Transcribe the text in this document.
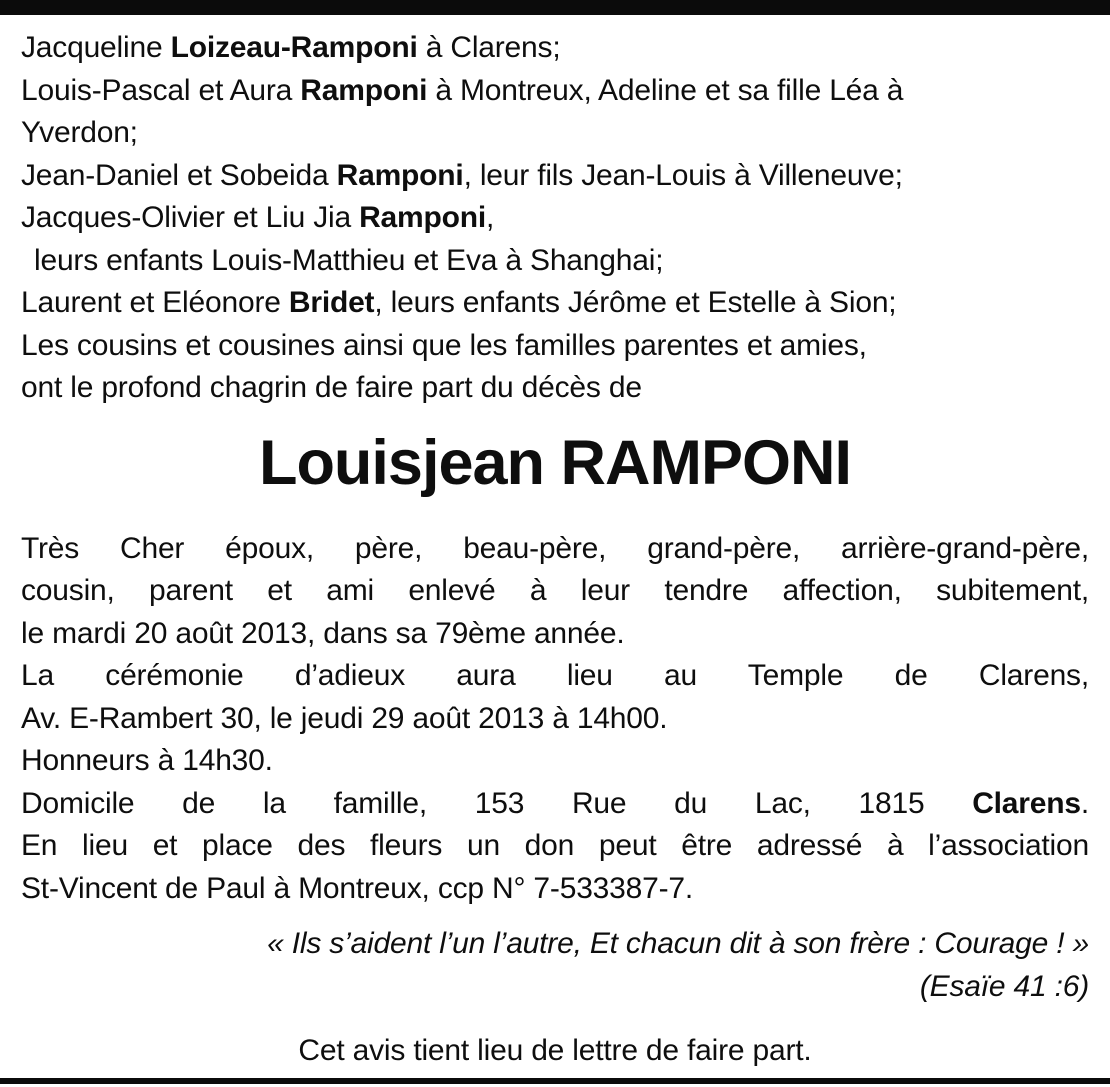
Jacqueline Loizeau-Ramponi à Clarens;
Louis-Pascal et Aura Ramponi à Montreux, Adeline et sa fille Léa à
Yverdon;
Jean-Daniel et Sobeida Ramponi, leur fils Jean-Louis à Villeneuve;
Jacques-Olivier et Liu Jia Ramponi,
leurs enfants Louis-Matthieu et Eva à Shanghai;
Laurent et Eléonore Bridet, leurs enfants Jérôme et Estelle à Sion;
Les cousins et cousines ainsi que les familles parentes et amies,
ont le profond chagrin de faire part du décès de
Louisjean RAMPONI
Très Cher époux, père, beau-père, grand-père, arrière-grand-père,
cousin, parent et ami enlevé à leur tendre affection, subitement,
le mardi 20 août 2013, dans sa 79ème année.
La cérémonie d’adieux aura lieu au Temple de Clarens,
Av. E-Rambert 30, le jeudi 29 août 2013 à 14h00.
Honneurs à 14h30.
Domicile de la famille, 153 Rue du Lac, 1815 Clarens.
En lieu et place des fleurs un don peut être adressé à l’association
St-Vincent de Paul à Montreux, ccp N° 7-533387-7.
« Ils s’aident l’un l’autre, Et chacun dit à son frère : Courage ! »
(Esaïe 41 :6)
Cet avis tient lieu de lettre de faire part.
